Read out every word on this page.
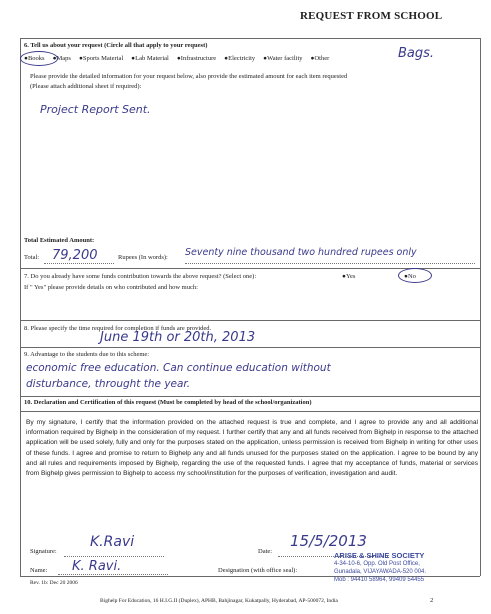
REQUEST FROM SCHOOL
6. Tell us about your request (Circle all that apply to your request)
●Books ●Maps ●Sports Material ●Lab Material ●Infrastructure ●Electricity ●Water facility ●Other	Bags.
Please provide the detailed information for your request below, also provide the estimated amount for each item requested
(Please attach additional sheet if required):
Project Report Sent.
Total Estimated Amount:
Total: 79,200	Rupees (In words): Seventy nine thousand two hundred rupees only
7. Do you already have some funds contribution towards the above request? (Select one):	●Yes	●No
If " Yes" please provide details on who contributed and how much:
8. Please specify the time required for completion if funds are provided.
June 19th or 20th, 2013
9. Advantage to the students due to this scheme:
economic free education. Can continue education without
disturbance, throught the year.
10. Declaration and Certification of this request (Must be completed by head of the school/organization)
By my signature, I certify that the information provided on the attached request is true and complete, and I agree to provide any and all additional information required by Bighelp in the consideration of my request. I further certify that any and all funds received from Bighelp in response to the attached application will be used solely, fully and only for the purposes stated on the application, unless permission is received from Bighelp in writing for other uses of these funds. I agree and promise to return to Bighelp any and all funds unused for the purposes stated on the application. I agree to be bound by any and all rules and requirements imposed by Bighelp, regarding the use of the requested funds. I agree that my acceptance of funds, material or services from Bighelp gives permission to Bighelp to access my school/institution for the purposes of verification, investigation and audit.
Signature:
K.Ravi
Date:
15/5/2013
Name: K. Ravi.	Designation (with office seal):
ARISE & SHINE SOCIETY
4-34-10-6, Opp. Old Post Office,
Gunadala, VIJAYAWADA-520 004.
Mob : 94410 58964, 99409 54455
Rev. 1b: Dec 20 2006
Bighelp For Education, 16 H.I.G.II (Duplex), APHB, Bahjinagar, Kukatpally, Hyderabad, AP-500072, India	2
